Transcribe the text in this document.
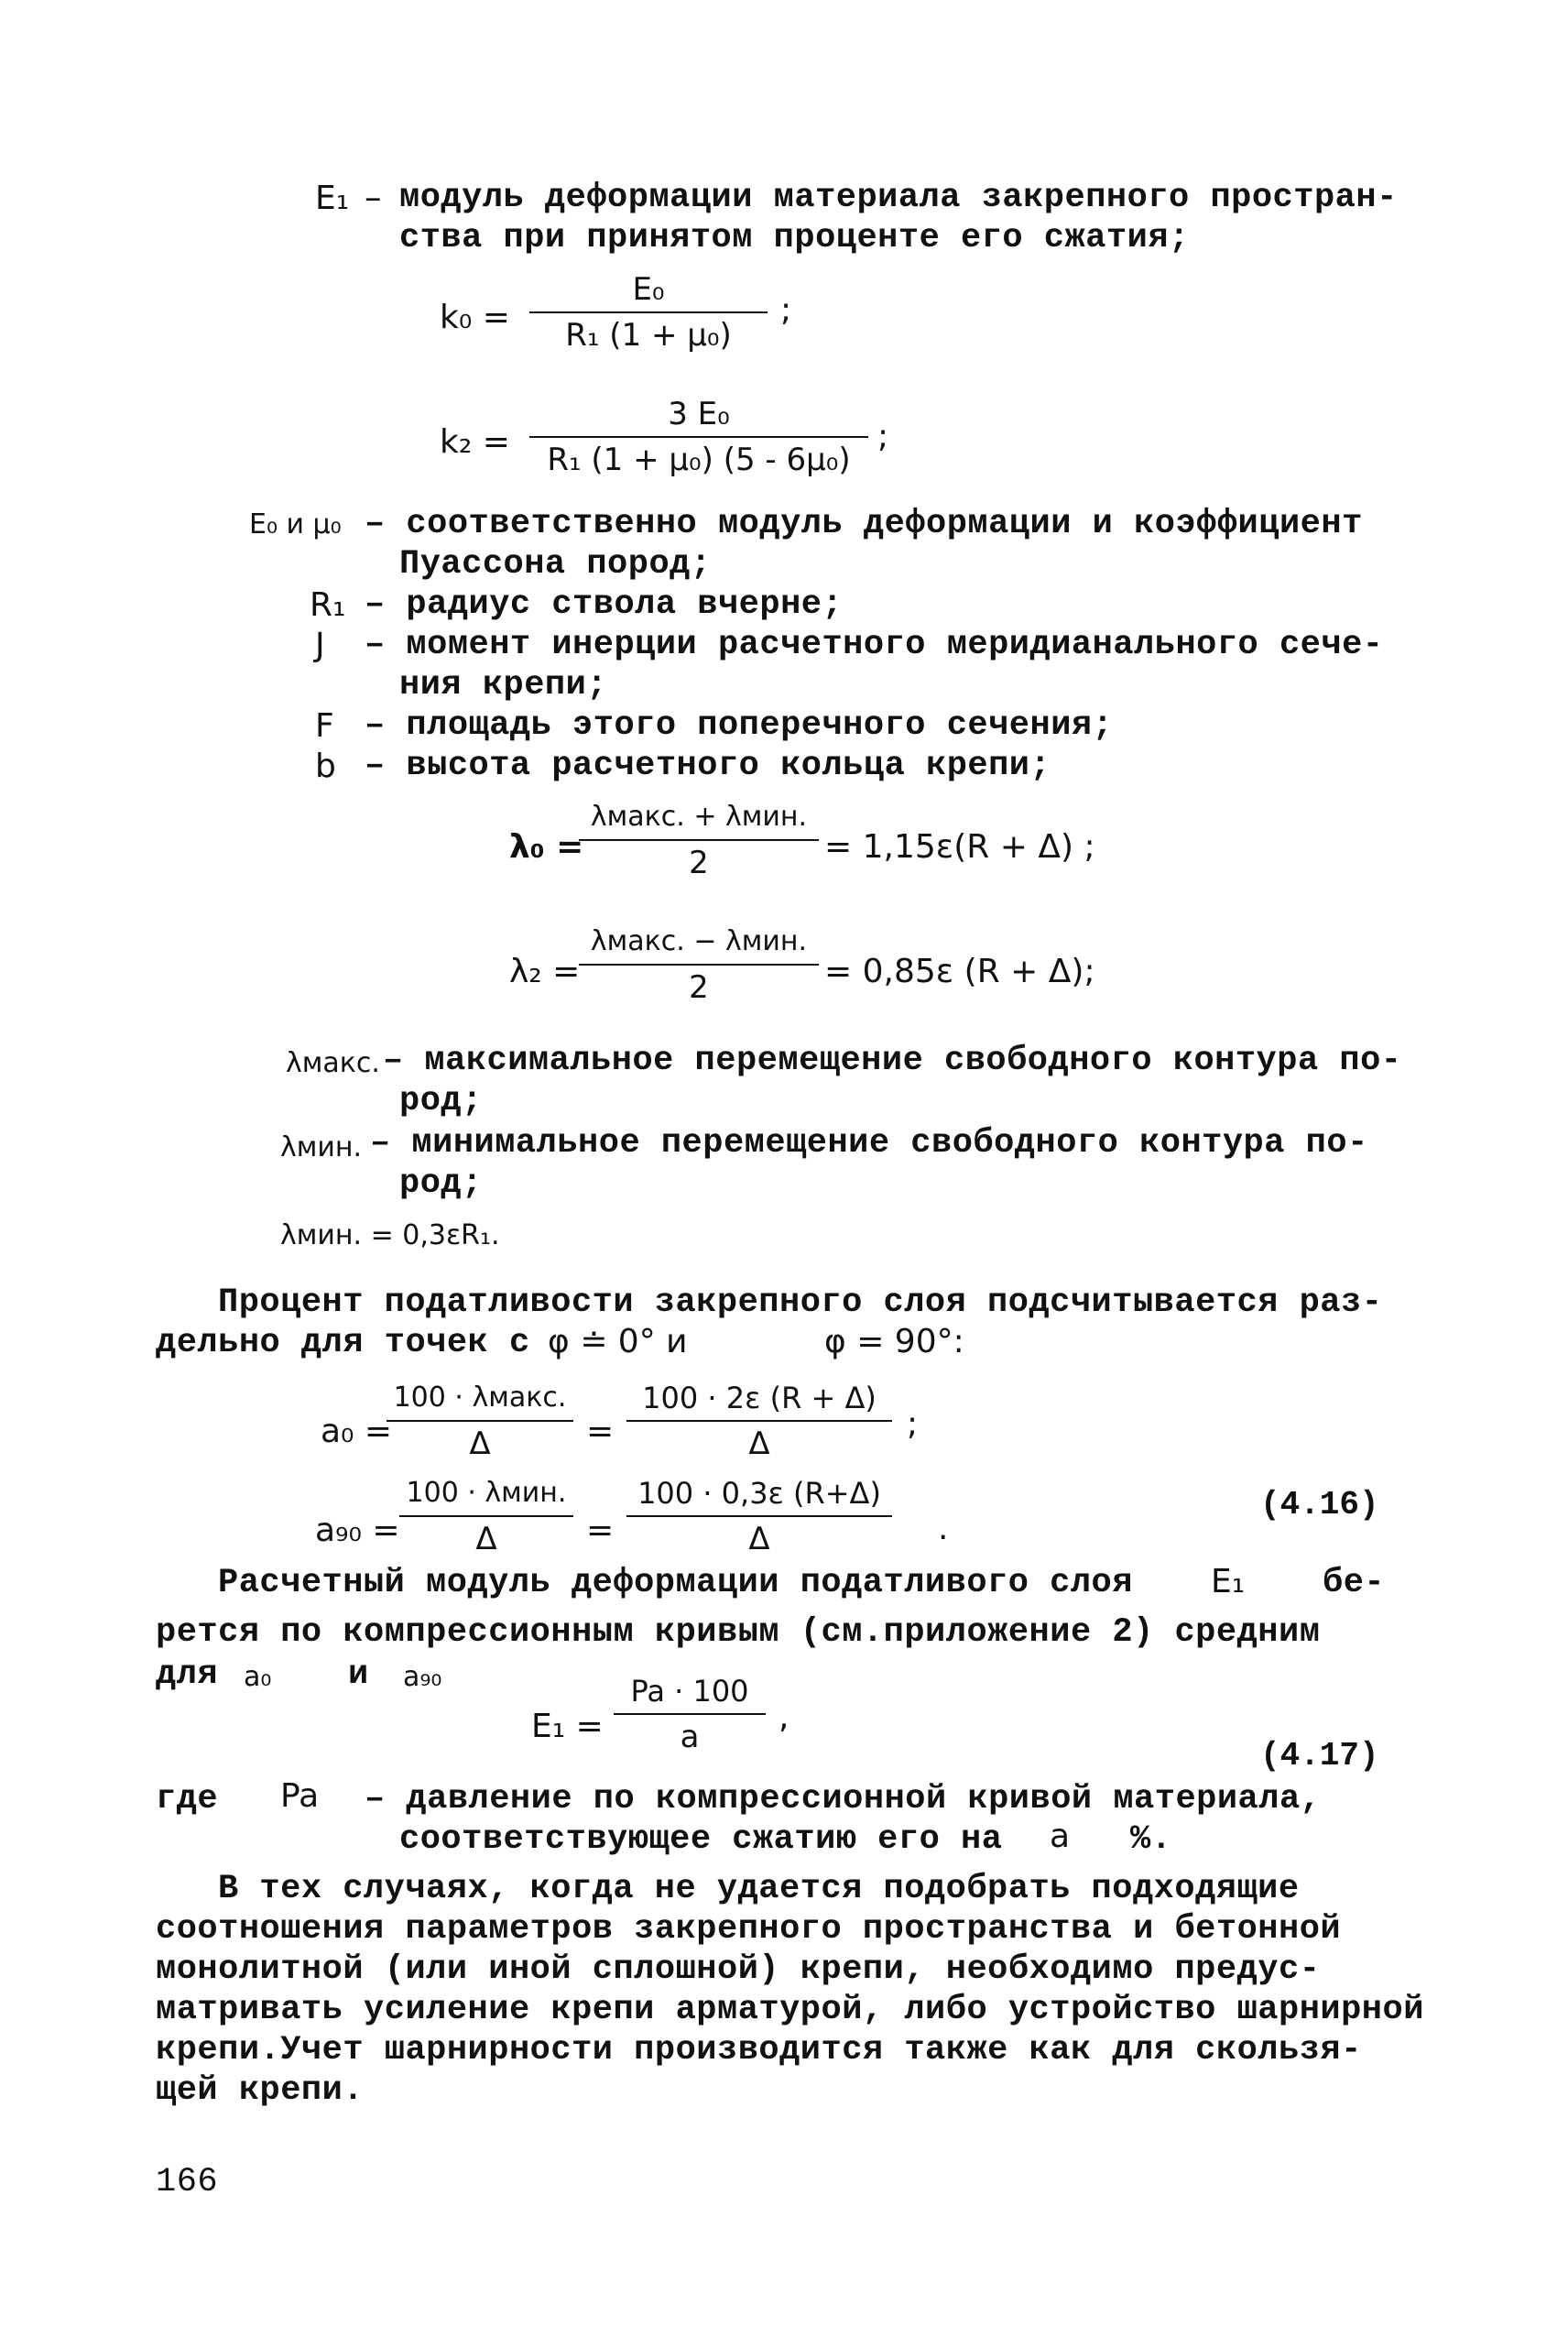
E₁ – модуль деформации материала закрепного простран-
ства при принятом проценте его сжатия;
k₀ =
E₀
R₁ (1 + μ₀)
;
k₂ =
3 E₀
R₁ (1 + μ₀) (5 - 6μ₀)
;
E₀ и μ₀ – соответственно модуль деформации и коэффициент
Пуассона пород;
R₁ – радиус ствола вчерне;
J – момент инерции расчетного меридианального сече-
ния крепи;
F – площадь этого поперечного сечения;
b – высота расчетного кольца крепи;
λ₀ =
λмакс. + λмин.
2	= 1,15ε(R + Δ) ;
λ₂ =
λмакс. − λмин.
2	= 0,85ε (R + Δ);
λмакс. – максимальное перемещение свободного контура по-
род;
λмин. – минимальное перемещение свободного контура по-
род;
λмин. = 0,3εR₁.
Процент податливости закрепного слоя подсчитывается раз-
дельно для точек с φ ≐ 0° и	φ = 90°:
a₀ =
100 · λмакс.
Δ	=
100 · 2ε (R + Δ)
Δ
;
a₉₀ =
100 · λмин.
Δ	=
100 · 0,3ε (R+Δ)
Δ	.
(4.16)
Расчетный модуль деформации податливого слоя E₁ бе-
рется по компрессионным кривым (см.приложение 2) средним
для a₀ и a₉₀
E₁ =
Pa · 100
a
,
(4.17)
где Pa – давление по компрессионной кривой материала,
соответствующее сжатию его на a %.
В тех случаях, когда не удается подобрать подходящие
соотношения параметров закрепного пространства и бетонной
монолитной (или иной сплошной) крепи, необходимо предус-
матривать усиление крепи арматурой, либо устройство шарнирной
крепи.Учет шарнирности производится также как для скользя-
щей крепи.
166
